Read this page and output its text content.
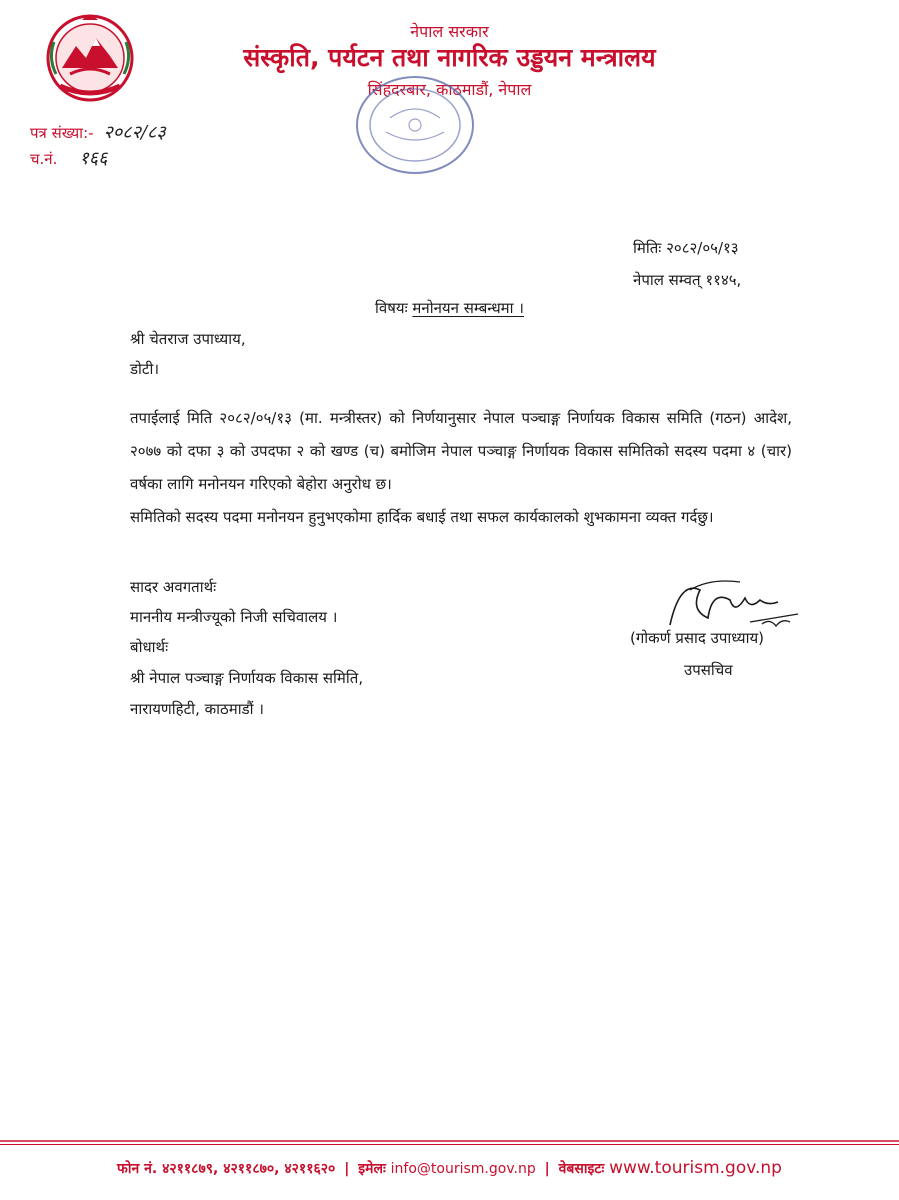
नेपाल सरकार
संस्कृति, पर्यटन तथा नागरिक उड्डयन मन्त्रालय
सिंहदरबार, काठमाडौं, नेपाल
पत्र संख्या:- २०८२/८३
च.नं. १६६
मितिः २०८२/०५/१३
नेपाल सम्वत् ११४५,
विषयः मनोनयन सम्बन्धमा ।
श्री चेतराज उपाध्याय,
डोटी।
तपाईलाई मिति २०८२/०५/१३ (मा. मन्त्रीस्तर) को निर्णयानुसार नेपाल पञ्चाङ्ग निर्णायक विकास समिति (गठन) आदेश, २०७७ को दफा ३ को उपदफा २ को खण्ड (च) बमोजिम नेपाल पञ्चाङ्ग निर्णायक विकास समितिको सदस्य पदमा ४ (चार) वर्षका लागि मनोनयन गरिएको बेहोरा अनुरोध छ।
समितिको सदस्य पदमा मनोनयन हुनुभएकोमा हार्दिक बधाई तथा सफल कार्यकालको शुभकामना व्यक्त गर्दछु।
सादर अवगतार्थः
माननीय मन्त्रीज्यूको निजी सचिवालय ।
बोधार्थः
श्री नेपाल पञ्चाङ्ग निर्णायक विकास समिति,
नारायणहिटी, काठमाडौं ।
(गोकर्ण प्रसाद उपाध्याय)
उपसचिव
फोन नं. ४२११८७९, ४२११८७०, ४२११६२० | इमेलः info@tourism.gov.np | वेबसाइटः www.tourism.gov.np
